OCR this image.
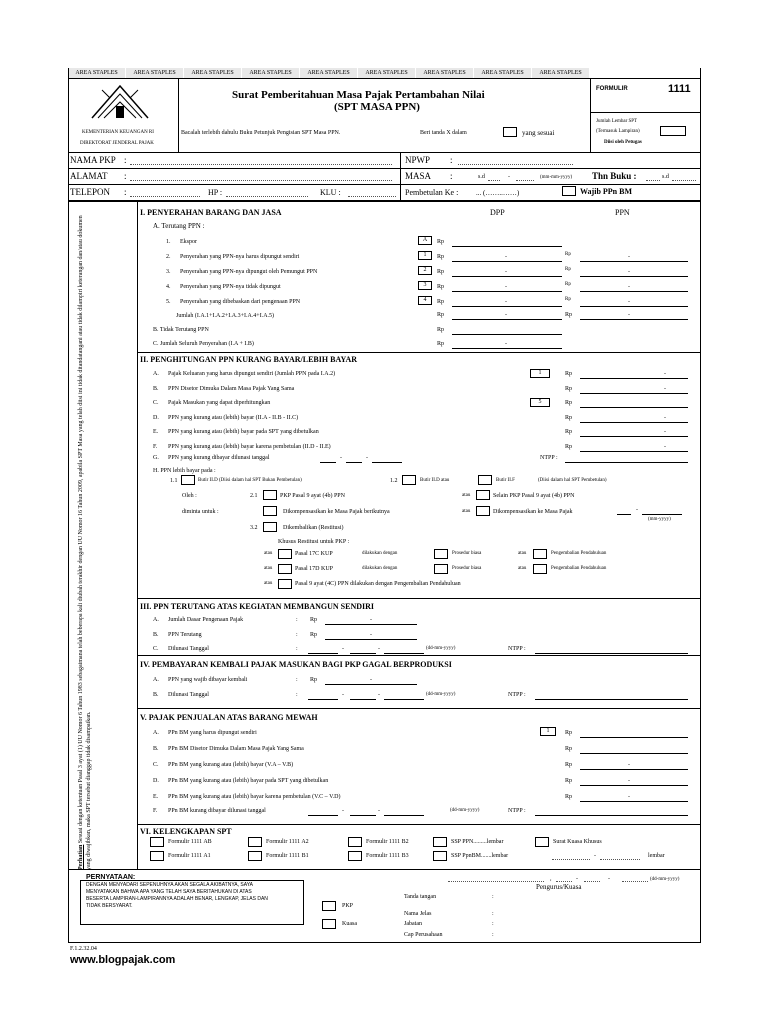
AREA STAPLES	AREA STAPLES	AREA STAPLES	AREA STAPLES	AREA STAPLES	AREA STAPLES	AREA STAPLES	AREA STAPLES	AREA STAPLES
KEMENTERIAN KEUANGAN RI
DIREKTORAT JENDERAL PAJAK
Surat Pemberitahuan Masa Pajak Pertambahan Nilai
(SPT MASA PPN)
Bacalah terlebih dahulu Buku Petunjuk Pengisian SPT Masa PPN.	Beri tanda X dalam	yang sesuai
FORMULIR	1111
Jumlah Lembar SPT
(Termasuk Lampiran)
Diisi oleh Petugas
NAMA PKP :
ALAMAT :
TELEPON :	HP :	KLU :
NPWP :
MASA :	s.d	-	(mm-mm-yyyy) Thn Buku :	s.d
Pembetulan Ke :	... (……..……)	Wajib PPn BM
Perhatian Sesuai dengan ketentuan Pasal 3 ayat (1) UU Nomor 6 Tahun 1983 sebagaimana telah beberapa kali diubah terakhir dengan UU Nomor 16 Tahun 2009, apabila SPT Masa yang telah diisi ini tidak ditandatangani atau tidak dilampiri keterangan dan/atau dokumen yang diwajibkan, maka SPT tersebut dianggap tidak disampaikan.
I. PENYERAHAN BARANG DAN JASA	DPP	PPN
A. Terutang PPN :
1. Ekspor	A	Rp
2. Penyerahan yang PPN-nya harus dipungut sendiri	1	Rp	-	Rp	-
3. Penyerahan yang PPN-nya dipungut oleh Pemungut PPN	2	Rp	-	Rp	-
4. Penyerahan yang PPN-nya tidak dipungut	3	Rp	-	Rp	-
5. Penyerahan yang dibebaskan dari pengenaan PPN	4	Rp	-	Rp	-
Jumlah (I.A.1+I.A.2+I.A.3+I.A.4+I.A.5)	Rp	-	Rp	-
B. Tidak Terutang PPN	Rp
C. Jumlah Seluruh Penyerahan (I.A + I.B)	Rp	-
II. PENGHITUNGAN PPN KURANG BAYAR/LEBIH BAYAR
A. Pajak Keluaran yang harus dipungut sendiri (Jumlah PPN pada I.A.2)	1	Rp	-
B. PPN Disetor Dimuka Dalam Masa Pajak Yang Sama	Rp	-
C. Pajak Masukan yang dapat diperhitungkan	5	Rp
D. PPN yang kurang atau (lebih) bayar (II.A - II.B - II.C)	Rp	-
E. PPN yang kurang atau (lebih) bayar pada SPT yang dibetulkan	Rp	-
F. PPN yang kurang atau (lebih) bayar karena pembetulan (II.D - II.E)	Rp	-
G. PPN yang kurang dibayar dilunasi tanggal	-	-	NTPP :
H. PPN lebih bayar pada :
1.1	Butir II.D (Diisi dalam hal SPT Bukan Pembetulan)	1.2	Butir II.D atau	Butir II.F	(Diisi dalam hal SPT Pembetulan)
Oleh :	2.1	PKP Pasal 9 ayat (4b) PPN	atau	Selain PKP Pasal 9 ayat (4b) PPN
diminta untuk :	Dikompensasikan ke Masa Pajak berikutnya	atau	Dikompensasikan ke Masa Pajak	-
(mm-yyyy)
3.2	Dikembalikan (Restitusi)
Khusus Restitusi untuk PKP :
atau	Pasal 17C KUP	dilakukan dengan	Prosedur biasa	atau	Pengembalian Pendahuluan
atau	Pasal 17D KUP	dilakukan dengan	Prosedur biasa	atau	Pengembalian Pendahuluan
atau	Pasal 9 ayat (4C) PPN dilakukan dengan Pengembalian Pendahuluan
III. PPN TERUTANG ATAS KEGIATAN MEMBANGUN SENDIRI
A. Jumlah Dasar Pengenaan Pajak	: Rp	-
B. PPN Terutang	: Rp	-
C. Dilunasi Tanggal	:	-	-	(dd-mm-yyyy)	NTPP :
IV. PEMBAYARAN KEMBALI PAJAK MASUKAN BAGI PKP GAGAL BERPRODUKSI
A. PPN yang wajib dibayar kembali	: Rp	-
B. Dilunasi Tanggal	:	-	-	(dd-mm-yyyy)	NTPP :
V. PAJAK PENJUALAN ATAS BARANG MEWAH
A. PPn BM yang harus dipungut sendiri	1	Rp
B. PPn BM Disetor Dimuka Dalam Masa Pajak Yang Sama	Rp
C. PPn BM yang kurang atau (lebih) bayar (V.A – V.B)	Rp	-
D. PPn BM yang kurang atau (lebih) bayar pada SPT yang dibetulkan	Rp	-
E. PPn BM yang kurang atau (lebih) bayar karena pembetulan (V.C – V.D)	Rp	-
F. PPn BM kurang dibayar dilunasi tanggal	-	-	(dd-mm-yyyy)	NTPP :
VI. KELENGKAPAN SPT
Formulir 1111 AB	Formulir 1111 A2	Formulir 1111 B2	SSP PPN.........lembar	Surat Kuasa Khusus
Formulir 1111 A1	Formulir 1111 B1	Formulir 1111 B3	SSP PpnBM.......lembar	-	lembar
PERNYATAAN:
DENGAN MENYADARI SEPENUHNYA AKAN SEGALA AKIBATNYA, SAYA
MENYATAKAN BAHWA APA YANG TELAH SAYA BERITAHUKAN DI ATAS
BESERTA LAMPIRAN-LAMPIRANNYA ADALAH BENAR, LENGKAP, JELAS DAN
TIDAK BERSYARAT.	PKP
Kuasa
,	-	-	(dd-mm-yyyy)
Pengurus/Kuasa
Tanda tangan	:
Nama Jelas	:
Jabatan	:
Cap Perusahaan	:
F.1.2.32.04
www.blogpajak.com
